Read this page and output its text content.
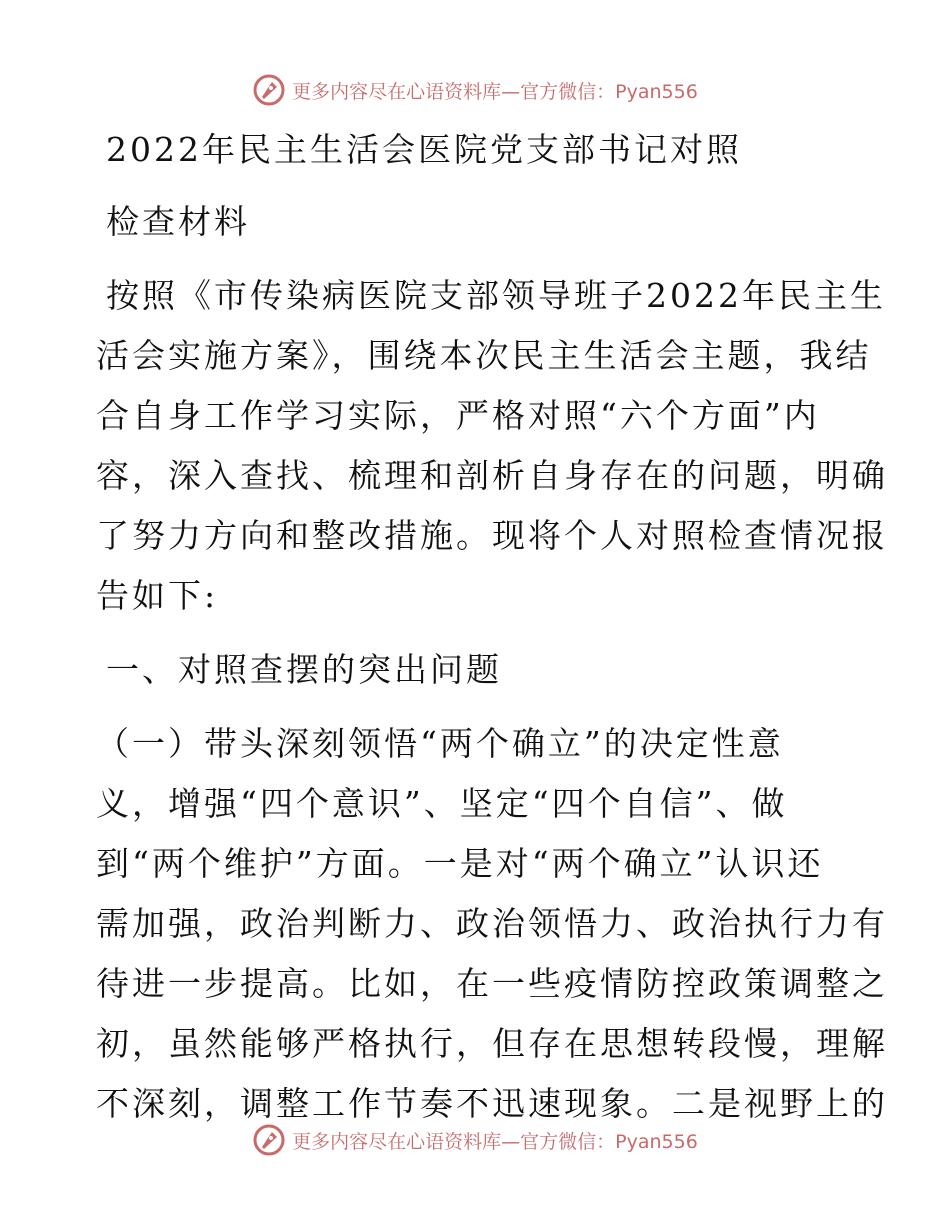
更多内容尽在心语资料库—官方微信：Pyan556
2022年民主生活会医院党支部书记对照
检查材料
按照《市传染病医院支部领导班子2022年民主生
活会实施方案》，围绕本次民主生活会主题，我结
合自身工作学习实际，严格对照“六个方面”内
容，深入查找、梳理和剖析自身存在的问题，明确
了努力方向和整改措施。现将个人对照检查情况报
告如下:
一、对照查摆的突出问题
（一）带头深刻领悟“两个确立”的决定性意
义，增强“四个意识”、坚定“四个自信”、做
到“两个维护”方面。一是对“两个确立”认识还
需加强，政治判断力、政治领悟力、政治执行力有
待进一步提高。比如，在一些疫情防控政策调整之
初，虽然能够严格执行，但存在思想转段慢，理解
不深刻，调整工作节奏不迅速现象。二是视野上的
更多内容尽在心语资料库—官方微信：Pyan556
